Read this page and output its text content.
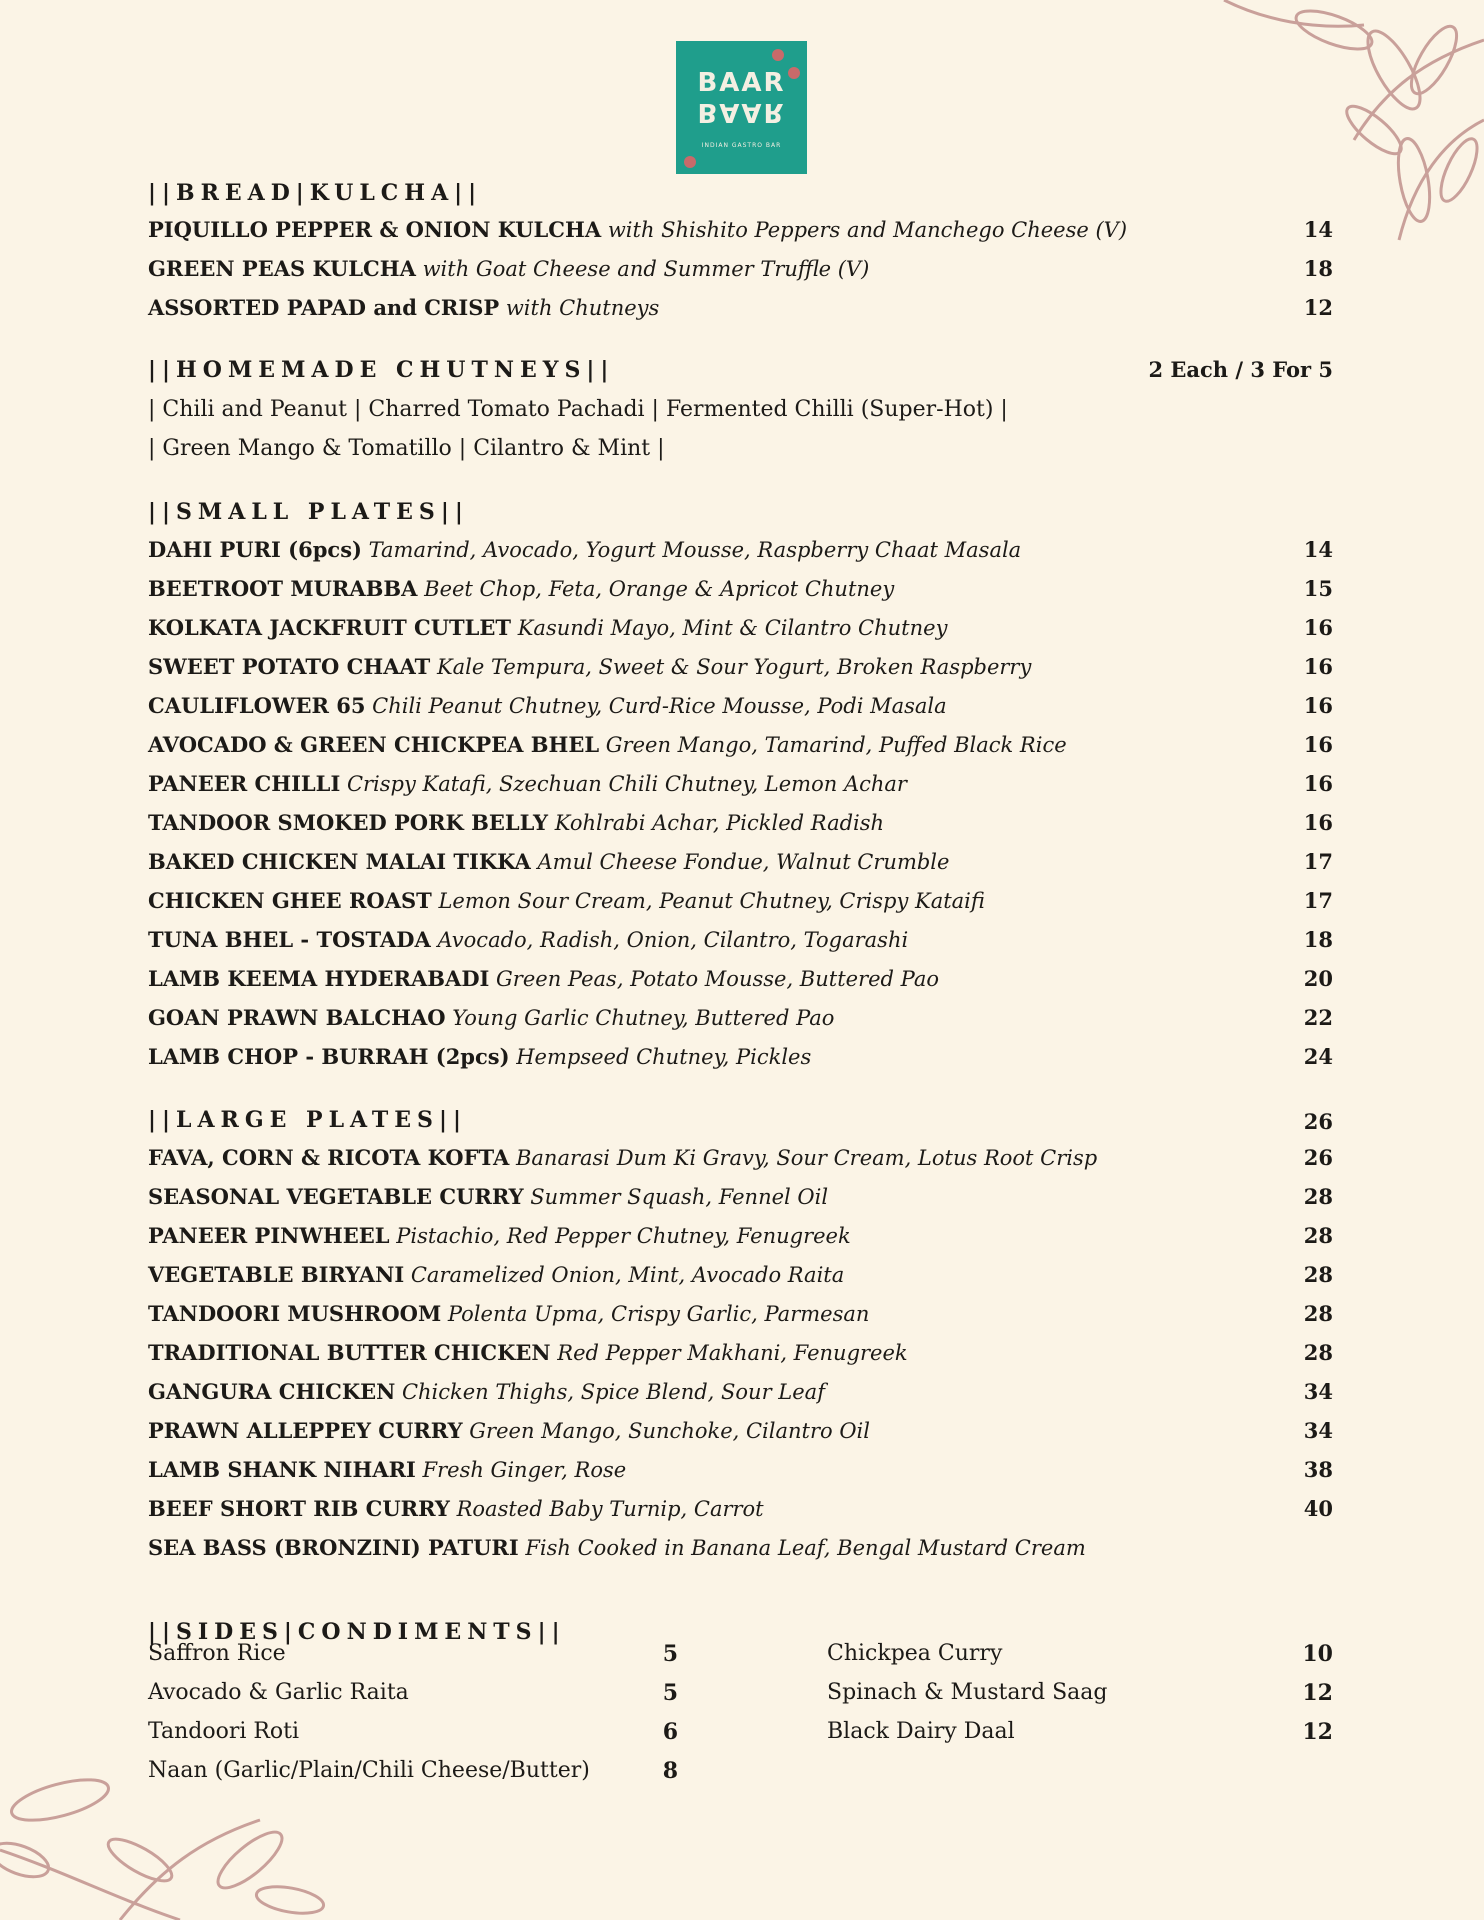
BAAR
BAAR
INDIAN GASTRO BAR
||BREAD|KULCHA||
PIQUILLO PEPPER & ONION KULCHA with Shishito Peppers and Manchego Cheese (V)	14
GREEN PEAS KULCHA with Goat Cheese and Summer Truffle (V)	18
ASSORTED PAPAD and CRISP with Chutneys	12
||HOMEMADE CHUTNEYS||	2 Each / 3 For 5
| Chili and Peanut | Charred Tomato Pachadi | Fermented Chilli (Super-Hot) |
| Green Mango & Tomatillo | Cilantro & Mint |
||SMALL PLATES||
DAHI PURI (6pcs) Tamarind, Avocado, Yogurt Mousse, Raspberry Chaat Masala	14
BEETROOT MURABBA Beet Chop, Feta, Orange & Apricot Chutney	15
KOLKATA JACKFRUIT CUTLET Kasundi Mayo, Mint & Cilantro Chutney	16
SWEET POTATO CHAAT Kale Tempura, Sweet & Sour Yogurt, Broken Raspberry	16
CAULIFLOWER 65 Chili Peanut Chutney, Curd-Rice Mousse, Podi Masala	16
AVOCADO & GREEN CHICKPEA BHEL Green Mango, Tamarind, Puffed Black Rice	16
PANEER CHILLI Crispy Katafi, Szechuan Chili Chutney, Lemon Achar	16
TANDOOR SMOKED PORK BELLY Kohlrabi Achar, Pickled Radish	16
BAKED CHICKEN MALAI TIKKA Amul Cheese Fondue, Walnut Crumble	17
CHICKEN GHEE ROAST Lemon Sour Cream, Peanut Chutney, Crispy Kataifi	17
TUNA BHEL - TOSTADA Avocado, Radish, Onion, Cilantro, Togarashi	18
LAMB KEEMA HYDERABADI Green Peas, Potato Mousse, Buttered Pao	20
GOAN PRAWN BALCHAO Young Garlic Chutney, Buttered Pao	22
LAMB CHOP - BURRAH (2pcs) Hempseed Chutney, Pickles	24
||LARGE PLATES||	26
FAVA, CORN & RICOTA KOFTA Banarasi Dum Ki Gravy, Sour Cream, Lotus Root Crisp	26
SEASONAL VEGETABLE CURRY Summer Squash, Fennel Oil	28
PANEER PINWHEEL Pistachio, Red Pepper Chutney, Fenugreek	28
VEGETABLE BIRYANI Caramelized Onion, Mint, Avocado Raita	28
TANDOORI MUSHROOM Polenta Upma, Crispy Garlic, Parmesan	28
TRADITIONAL BUTTER CHICKEN Red Pepper Makhani, Fenugreek	28
GANGURA CHICKEN Chicken Thighs, Spice Blend, Sour Leaf	34
PRAWN ALLEPPEY CURRY Green Mango, Sunchoke, Cilantro Oil	34
LAMB SHANK NIHARI Fresh Ginger, Rose	38
BEEF SHORT RIB CURRY Roasted Baby Turnip, Carrot	40
SEA BASS (BRONZINI) PATURI Fish Cooked in Banana Leaf, Bengal Mustard Cream
||SIDES|CONDIMENTS||
Saffron Rice	5
Avocado & Garlic Raita	5
Tandoori Roti	6
Naan (Garlic/Plain/Chili Cheese/Butter)	8
Chickpea Curry	10
Spinach & Mustard Saag	12
Black Dairy Daal	12
